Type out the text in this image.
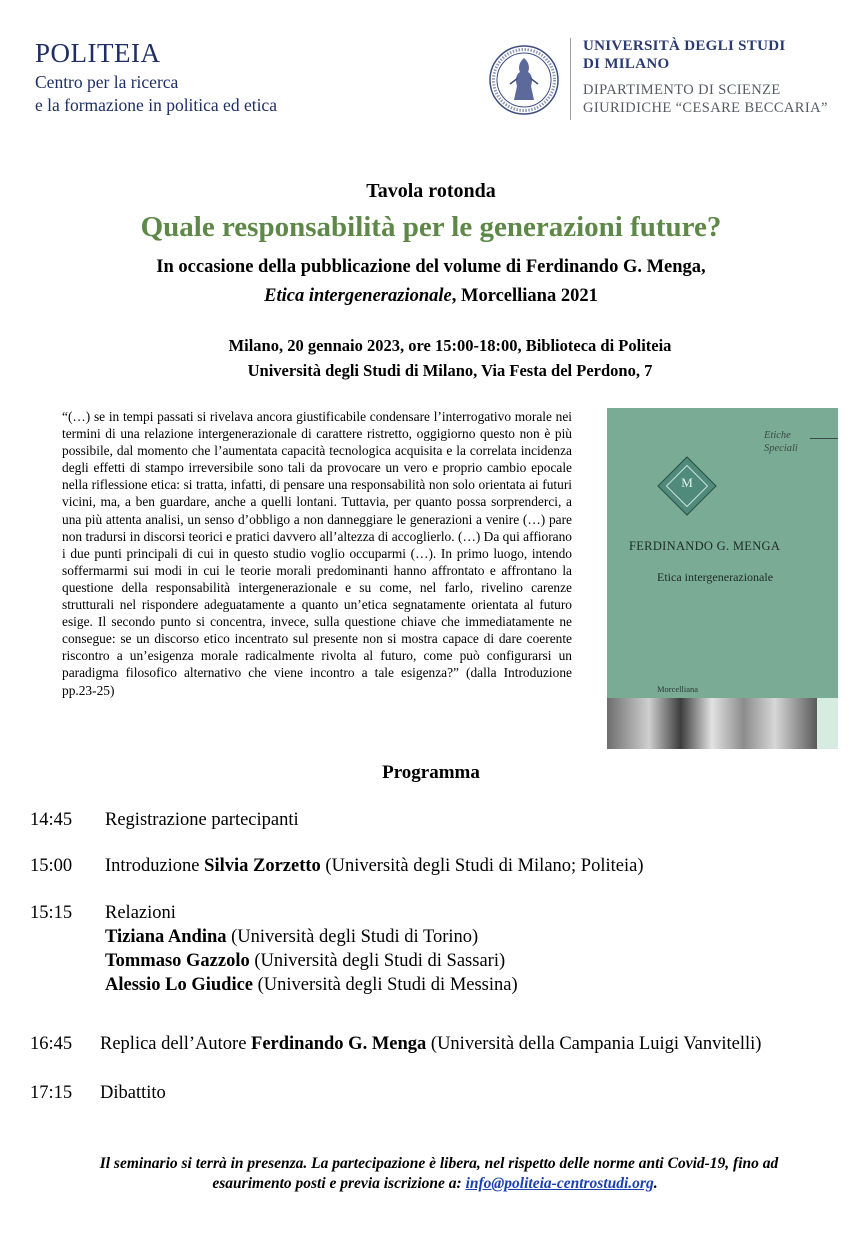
POLITEIA
Centro per la ricerca
e la formazione in politica ed etica
UNIVERSITÀ DEGLI STUDI
DI MILANO
DIPARTIMENTO DI SCIENZE
GIURIDICHE “CESARE BECCARIA”
Tavola rotonda
Quale responsabilità per le generazioni future?
In occasione della pubblicazione del volume di Ferdinando G. Menga,
Etica intergenerazionale, Morcelliana 2021
Milano, 20 gennaio 2023, ore 15:00-18:00, Biblioteca di Politeia
Università degli Studi di Milano, Via Festa del Perdono, 7
“(…) se in tempi passati si rivelava ancora giustificabile condensare l’interrogativo morale nei termini di una relazione intergenerazionale di carattere ristretto, oggigiorno questo non è più possibile, dal momento che l’aumentata capacità tecnologica acquisita e la correlata incidenza degli effetti di stampo irreversibile sono tali da provocare un vero e proprio cambio epocale nella riflessione etica: si tratta, infatti, di pensare una responsabilità non solo orientata ai futuri vicini, ma, a ben guardare, anche a quelli lontani. Tuttavia, per quanto possa sorprenderci, a una più attenta analisi, un senso d’obbligo a non danneggiare le generazioni a venire (…) pare non tradursi in discorsi teorici e pratici davvero all’altezza di accoglierlo. (…) Da qui affiorano i due punti principali di cui in questo studio voglio occuparmi (…). In primo luogo, intendo soffermarmi sui modi in cui le teorie morali predominanti hanno affrontato e affrontano la questione della responsabilità intergenerazionale e su come, nel farlo, rivelino carenze strutturali nel rispondere adeguatamente a quanto un’etica segnatamente orientata al futuro esige. Il secondo punto si concentra, invece, sulla questione chiave che immediatamente ne consegue: se un discorso etico incentrato sul presente non si mostra capace di dare coerente riscontro a un’esigenza morale radicalmente rivolta al futuro, come può configurarsi un paradigma filosofico alternativo che viene incontro a tale esigenza?” (dalla Introduzione pp.23-25)
Etiche
Speciali
M
FERDINANDO G. MENGA
Etica intergenerazionale
Morcelliana
Programma
14:45 Registrazione partecipanti
15:00 Introduzione Silvia Zorzetto (Università degli Studi di Milano; Politeia)
15:15 Relazioni
Tiziana Andina (Università degli Studi di Torino)
Tommaso Gazzolo (Università degli Studi di Sassari)
Alessio Lo Giudice (Università degli Studi di Messina)
16:45 Replica dell’Autore Ferdinando G. Menga (Università della Campania Luigi Vanvitelli)
17:15 Dibattito
Il seminario si terrà in presenza. La partecipazione è libera, nel rispetto delle norme anti Covid-19, fino ad
esaurimento posti e previa iscrizione a: info@politeia-centrostudi.org.
